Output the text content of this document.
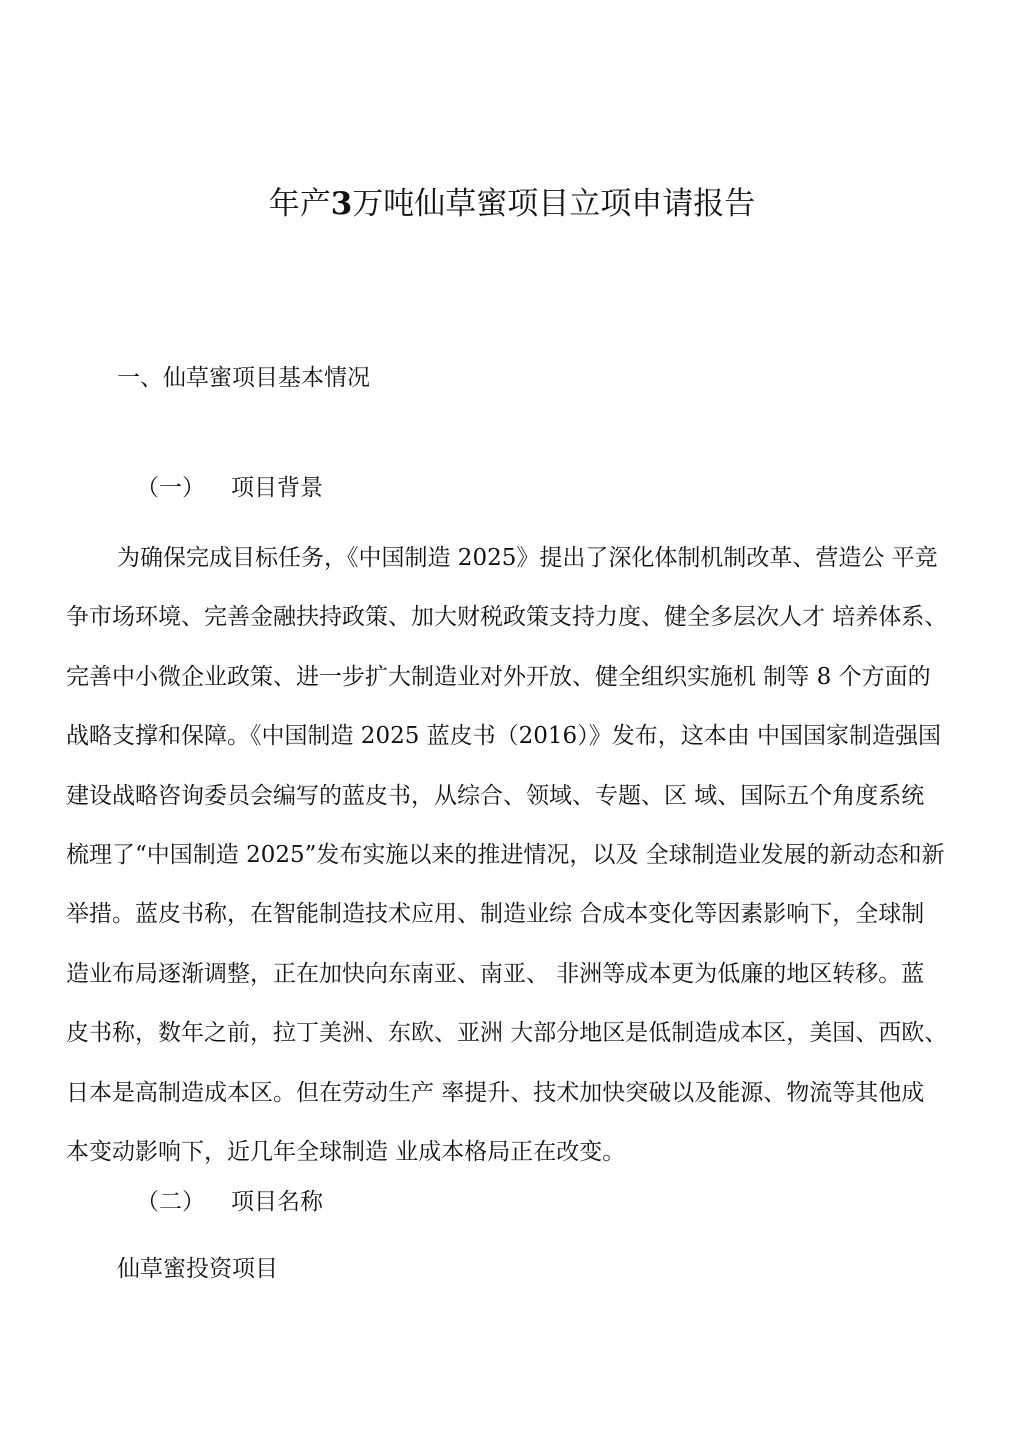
年产3万吨仙草蜜项目立项申请报告
一、仙草蜜项目基本情况
（一） 项目背景
为确保完成目标任务，《中国制造 2025》提出了深化体制机制改革、营造公 平竞
争市场环境、完善金融扶持政策、加大财税政策支持力度、健全多层次人才 培养体系、
完善中小微企业政策、进一步扩大制造业对外开放、健全组织实施机 制等 8 个方面的
战略支撑和保障。《中国制造 2025 蓝皮书（2016）》发布，这本由 中国国家制造强国
建设战略咨询委员会编写的蓝皮书，从综合、领域、专题、区 域、国际五个角度系统
梳理了“中国制造 2025”发布实施以来的推进情况，以及 全球制造业发展的新动态和新
举措。蓝皮书称，在智能制造技术应用、制造业综 合成本变化等因素影响下，全球制
造业布局逐渐调整，正在加快向东南亚、南亚、 非洲等成本更为低廉的地区转移。蓝
皮书称，数年之前，拉丁美洲、东欧、亚洲 大部分地区是低制造成本区，美国、西欧、
日本是高制造成本区。但在劳动生产 率提升、技术加快突破以及能源、物流等其他成
本变动影响下，近几年全球制造 业成本格局正在改变。
（二） 项目名称
仙草蜜投资项目
